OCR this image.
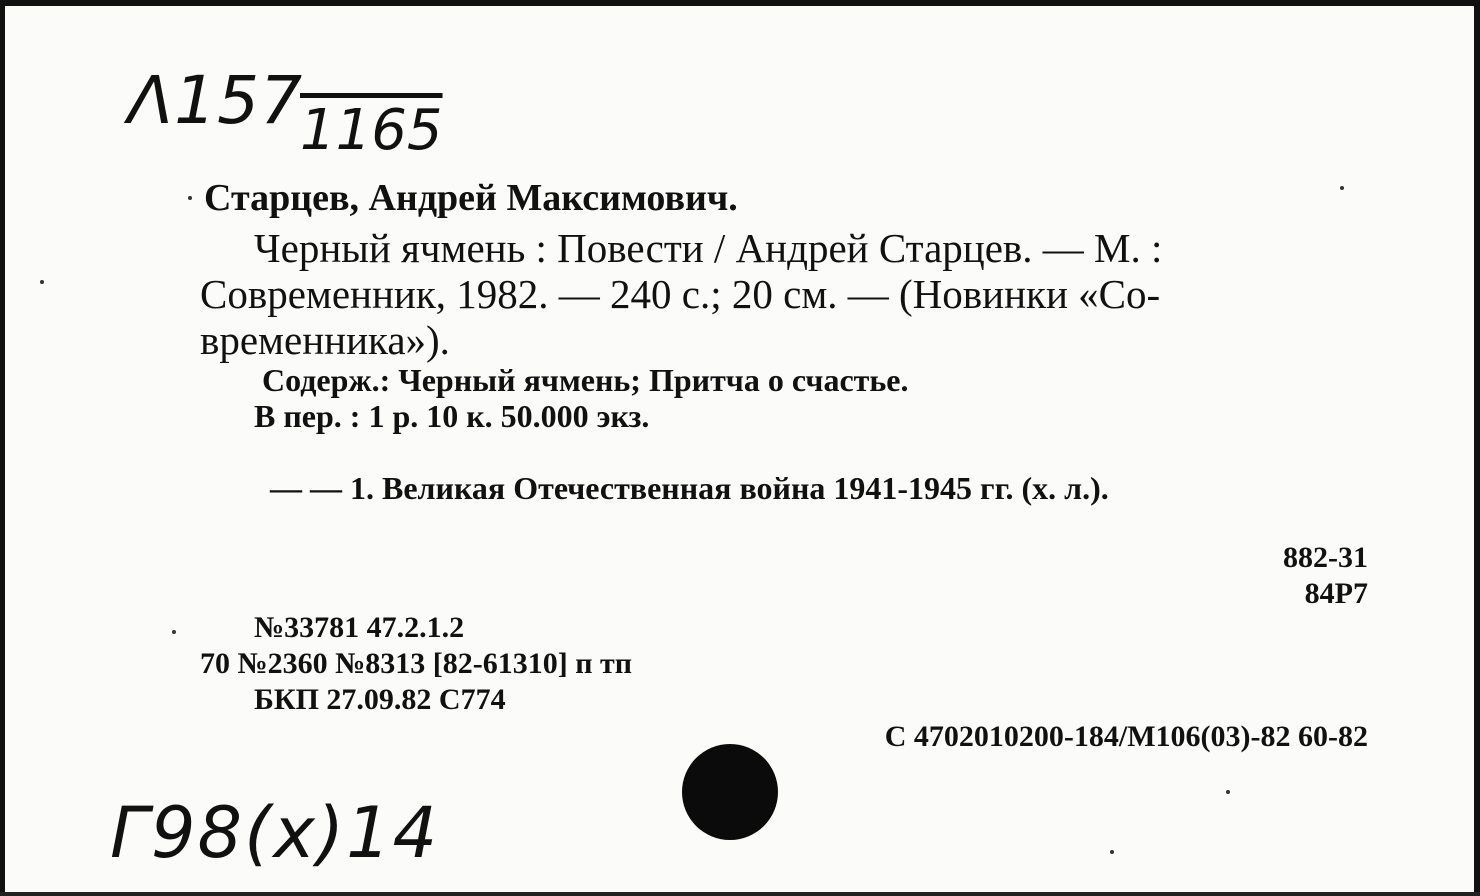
Λ157
1165
Старцев, Андрей Максимович.
Черный ячмень : Повести / Андрей Старцев. — М. :
Современник, 1982. — 240 с.; 20 см. — (Новинки «Со-
временника»).
Содерж.: Черный ячмень; Притча о счастье.
В пер. : 1 р. 10 к. 50.000 экз.
— — 1. Великая Отечественная война 1941-1945 гг. (х. л.).
882-31
84Р7
№33781 47.2.1.2
70 №2360 №8313 [82-61310] п тп
БКП 27.09.82 С774
С 4702010200-184/М106(03)-82 60-82
Г98(х)14
